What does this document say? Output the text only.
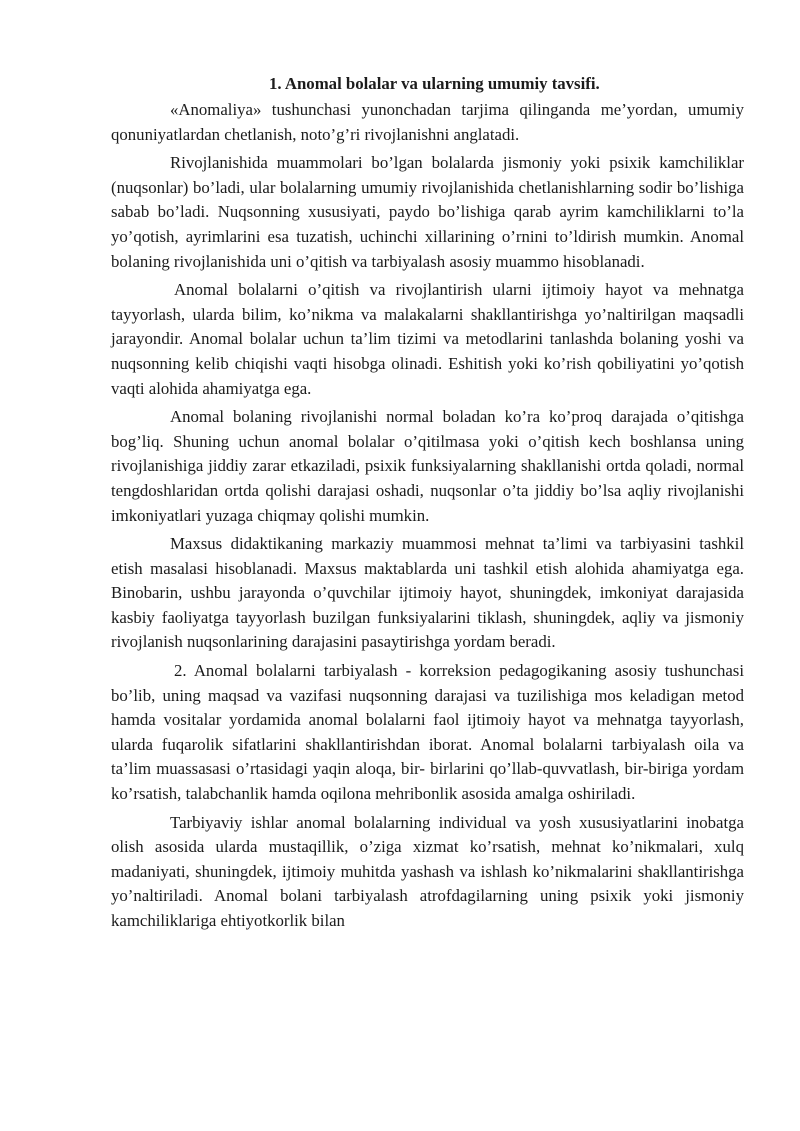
1. Anomal bolalar va ularning umumiy tavsifi.

«Anomaliya» tushunchasi yunonchadan tarjima qilinganda me’yordan, umumiy qonuniyatlardan chetlanish, noto’g’ri rivojlanishni anglatadi.

Rivojlanishida muammolari bo’lgan bolalarda jismoniy yoki psixik kamchiliklar (nuqsonlar) bo’ladi, ular bolalarning umumiy rivojlanishida chetlanishlarning sodir bo’lishiga sabab bo’ladi. Nuqsonning xususiyati, paydo bo’lishiga qarab ayrim kamchiliklarni to’la yo’qotish, ayrimlarini esa tuzatish, uchinchi xillarining o’rnini to’ldirish mumkin. Anomal bolaning rivojlanishida uni o’qitish va tarbiyalash asosiy muammo hisoblanadi.

Anomal bolalarni o’qitish va rivojlantirish ularni ijtimoiy hayot va mehnatga tayyorlash, ularda bilim, ko’nikma va malakalarni shakllantirishga yo’naltirilgan maqsadli jarayondir. Anomal bolalar uchun ta’lim tizimi va metodlarini tanlashda bolaning yoshi va nuqsonning kelib chiqishi vaqti hisobga olinadi. Eshitish yoki ko’rish qobiliyatini yo’qotish vaqti alohida ahamiyatga ega.

Anomal bolaning rivojlanishi normal boladan ko’ra ko’proq darajada o’qitishga bog’liq. Shuning uchun anomal bolalar o’qitilmasa yoki o’qitish kech boshlansa uning rivojlanishiga jiddiy zarar etkaziladi, psixik funksiyalarning shakllanishi ortda qoladi, normal tengdoshlaridan ortda qolishi darajasi oshadi, nuqsonlar o’ta jiddiy bo’lsa aqliy rivojlanishi imkoniyatlari yuzaga chiqmay qolishi mumkin.

Maxsus didaktikaning markaziy muammosi mehnat ta’limi va tarbiyasini tashkil etish masalasi hisoblanadi. Maxsus maktablarda uni tashkil etish alohida ahamiyatga ega. Binobarin, ushbu jarayonda o’quvchilar ijtimoiy hayot, shuningdek, imkoniyat darajasida kasbiy faoliyatga tayyorlash buzilgan funksiyalarini tiklash, shuningdek, aqliy va jismoniy rivojlanish nuqsonlarining darajasini pasaytirishga yordam beradi.

2. Anomal bolalarni tarbiyalash - korreksion pedagogikaning asosiy tushunchasi bo’lib, uning maqsad va vazifasi nuqsonning darajasi va tuzilishiga mos keladigan metod hamda vositalar yordamida anomal bolalarni faol ijtimoiy hayot va mehnatga tayyorlash, ularda fuqarolik sifatlarini shakllantirishdan iborat. Anomal bolalarni tarbiyalash oila va ta’lim muassasasi o’rtasidagi yaqin aloqa, bir- birlarini qo’llab-quvvatlash, bir-biriga yordam ko’rsatish, talabchanlik hamda oqilona mehribonlik asosida amalga oshiriladi.

Tarbiyaviy ishlar anomal bolalarning individual va yosh xususiyatlarini inobatga olish asosida ularda mustaqillik, o’ziga xizmat ko’rsatish, mehnat ko’nikmalari, xulq madaniyati, shuningdek, ijtimoiy muhitda yashash va ishlash ko’nikmalarini shakllantirishga yo’naltiriladi. Anomal bolani tarbiyalash atrofdagilarning uning psixik yoki jismoniy kamchiliklariga ehtiyotkorlik bilan
